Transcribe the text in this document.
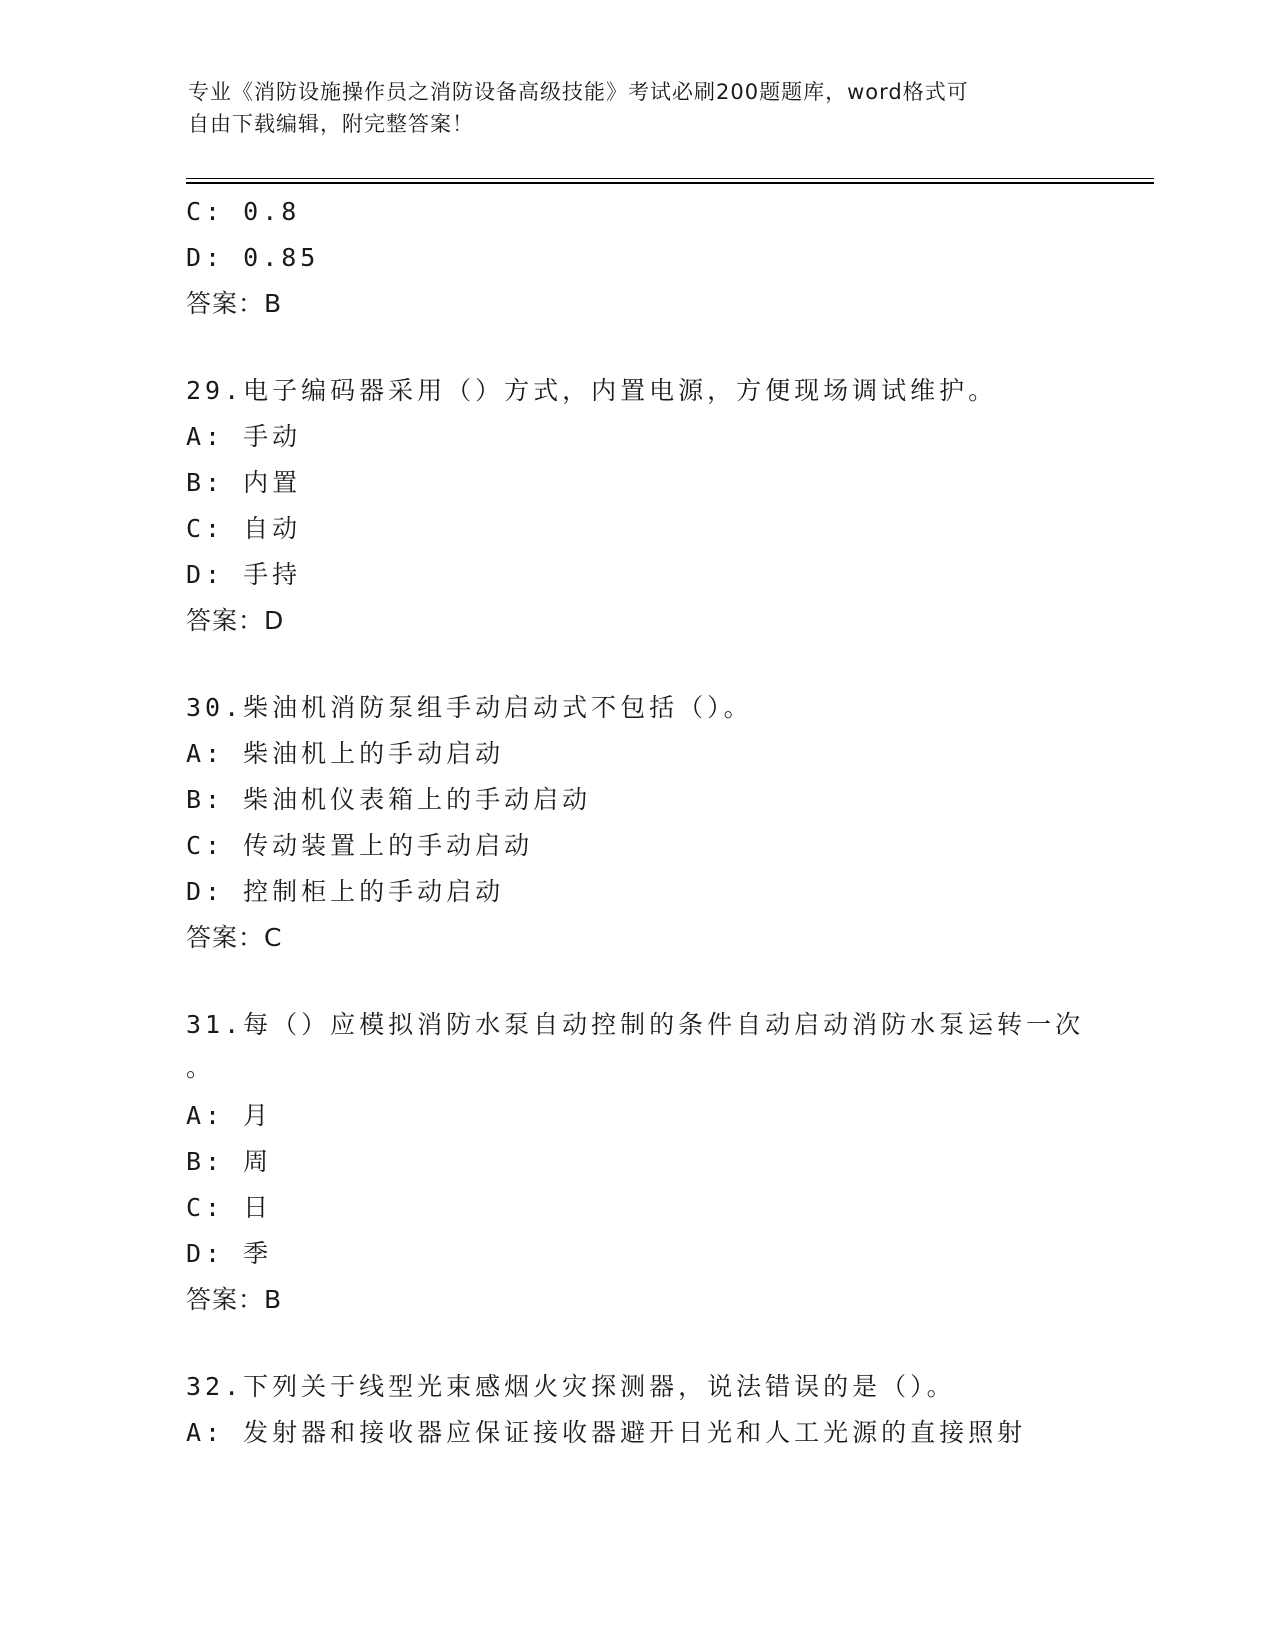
专业《消防设施操作员之消防设备高级技能》考试必刷200题题库，word格式可
自由下载编辑，附完整答案！
C: 0.8
D: 0.85
答案：B
29.电子编码器采用（）方式，内置电源，方便现场调试维护。
A: 手动
B: 内置
C: 自动
D: 手持
答案：D
30.柴油机消防泵组手动启动式不包括（）。
A: 柴油机上的手动启动
B: 柴油机仪表箱上的手动启动
C: 传动装置上的手动启动
D: 控制柜上的手动启动
答案：C
31.每（）应模拟消防水泵自动控制的条件自动启动消防水泵运转一次
。
A: 月
B: 周
C: 日
D: 季
答案：B
32.下列关于线型光束感烟火灾探测器，说法错误的是（）。
A: 发射器和接收器应保证接收器避开日光和人工光源的直接照射
